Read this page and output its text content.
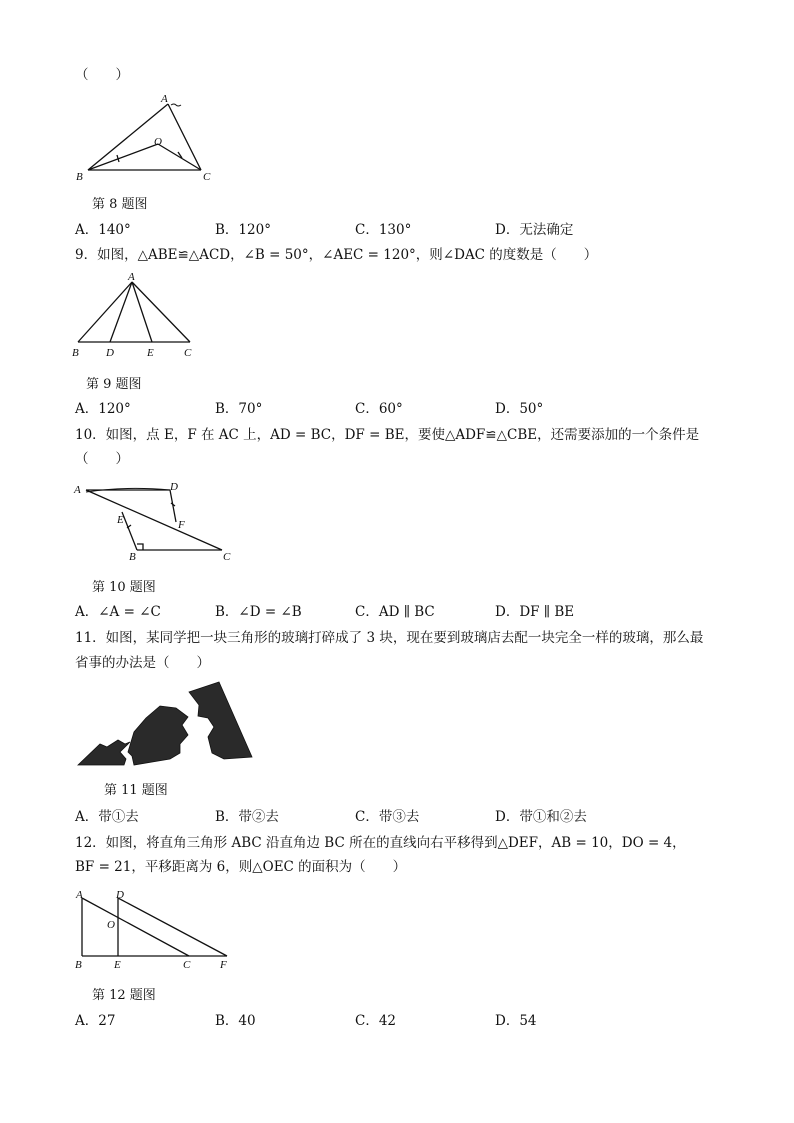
（　　）
A
O
B	C
第 8 题图
A．140°	B．120°	C．130°	D．无法确定
9．如图，△ABE≌△ACD，∠B = 50°，∠AEC = 120°，则∠DAC 的度数是（　　）
A
B D	E	C
第 9 题图
A．120°	B．70°	C．60°	D．50°
10．如图，点 E，F 在 AC 上，AD = BC，DF = BE，要使△ADF≌△CBE，还需要添加的一个条件是
（　　）
A	D
E	F
B	C
第 10 题图
A．∠A = ∠C	B．∠D = ∠B	C．AD ∥ BC	D．DF ∥ BE
11．如图，某同学把一块三角形的玻璃打碎成了 3 块，现在要到玻璃店去配一块完全一样的玻璃，那么最
省事的办法是（　　）
第 11 题图
A．带①去	B．带②去	C．带③去	D．带①和②去
12．如图，将直角三角形 ABC 沿直角边 BC 所在的直线向右平移得到△DEF，AB = 10，DO = 4，
BF = 21，平移距离为 6，则△OEC 的面积为（　　）
A	D
O
B	E	C	F
第 12 题图
A．27	B．40	C．42	D．54
